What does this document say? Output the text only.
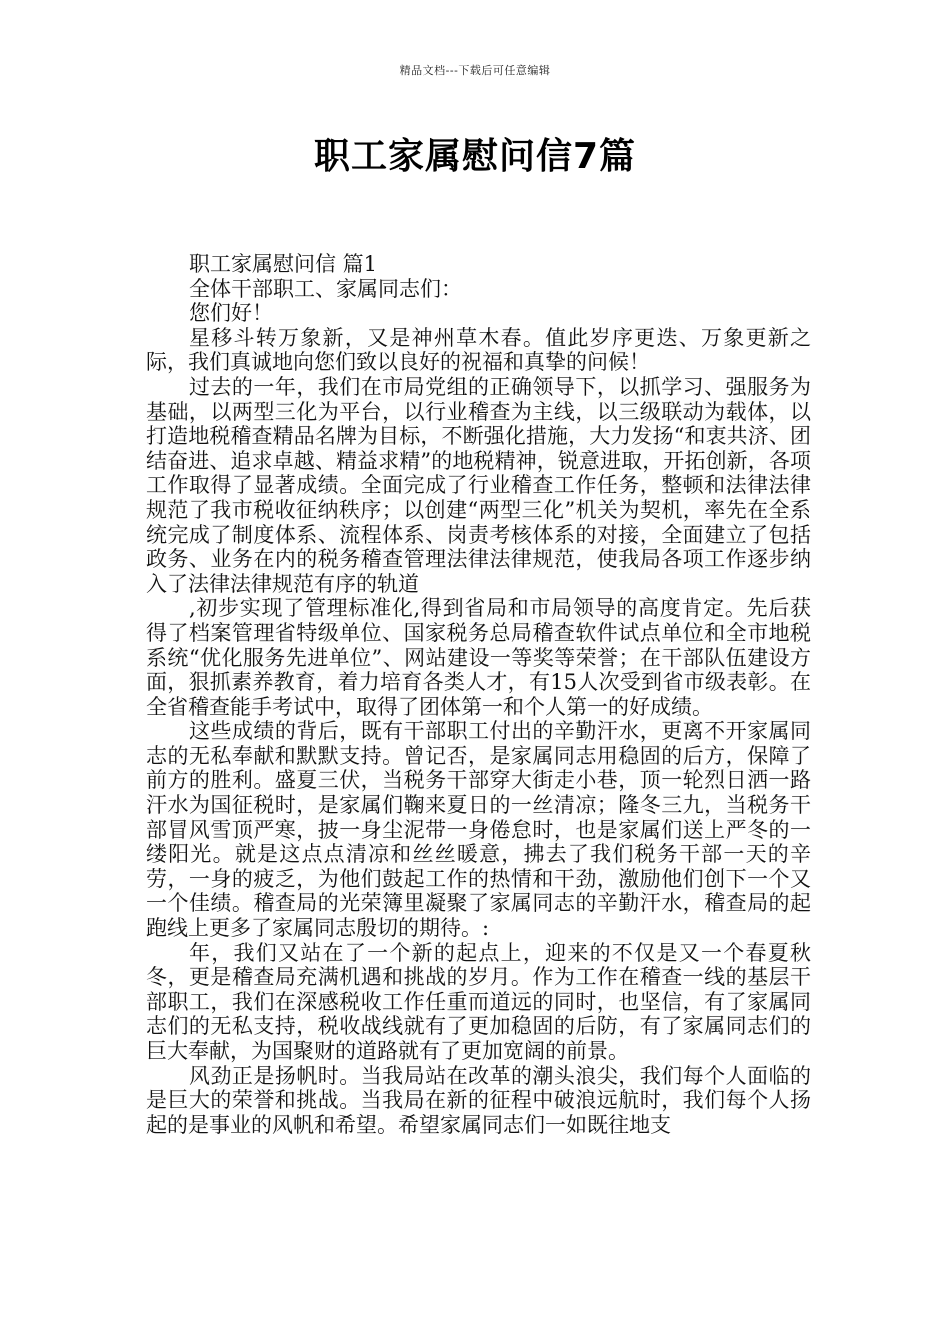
精品文档---下载后可任意编辑
职工家属慰问信7篇

职工家属慰问信 篇1

全体干部职工、家属同志们：

您们好！

星移斗转万象新，又是神州草木春。值此岁序更迭、万象更新之际，我们真诚地向您们致以良好的祝福和真挚的问候！

过去的一年，我们在市局党组的正确领导下，以抓学习、强服务为基础，以两型三化为平台，以行业稽查为主线，以三级联动为载体，以打造地税稽查精品名牌为目标，不断强化措施，大力发扬“和衷共济、团结奋进、追求卓越、精益求精”的地税精神，锐意进取，开拓创新，各项工作取得了显著成绩。全面完成了行业稽查工作任务，整顿和法律法律规范了我市税收征纳秩序；以创建“两型三化”机关为契机，率先在全系统完成了制度体系、流程体系、岗责考核体系的对接，全面建立了包括政务、业务在内的税务稽查管理法律法律规范，使我局各项工作逐步纳入了法律法律规范有序的轨道

,初步实现了管理标准化,得到省局和市局领导的高度肯定。先后获得了档案管理省特级单位、国家税务总局稽查软件试点单位和全市地税系统“优化服务先进单位”、网站建设一等奖等荣誉；在干部队伍建设方面，狠抓素养教育，着力培育各类人才，有15人次受到省市级表彰。在全省稽查能手考试中，取得了团体第一和个人第一的好成绩。

这些成绩的背后，既有干部职工付出的辛勤汗水，更离不开家属同志的无私奉献和默默支持。曾记否，是家属同志用稳固的后方，保障了前方的胜利。盛夏三伏，当税务干部穿大街走小巷，顶一轮烈日洒一路汗水为国征税时，是家属们鞠来夏日的一丝清凉；隆冬三九，当税务干部冒风雪顶严寒，披一身尘泥带一身倦怠时，也是家属们送上严冬的一缕阳光。就是这点点清凉和丝丝暖意，拂去了我们税务干部一天的辛劳，一身的疲乏，为他们鼓起工作的热情和干劲，激励他们创下一个又一个佳绩。稽查局的光荣簿里凝聚了家属同志的辛勤汗水，稽查局的起跑线上更多了家属同志殷切的期待。:

年，我们又站在了一个新的起点上，迎来的不仅是又一个春夏秋冬，更是稽查局充满机遇和挑战的岁月。作为工作在稽查一线的基层干部职工，我们在深感税收工作任重而道远的同时，也坚信，有了家属同志们的无私支持，税收战线就有了更加稳固的后防，有了家属同志们的巨大奉献，为国聚财的道路就有了更加宽阔的前景。

风劲正是扬帆时。当我局站在改革的潮头浪尖，我们每个人面临的是巨大的荣誉和挑战。当我局在新的征程中破浪远航时，我们每个人扬起的是事业的风帆和希望。希望家属同志们一如既往地支
